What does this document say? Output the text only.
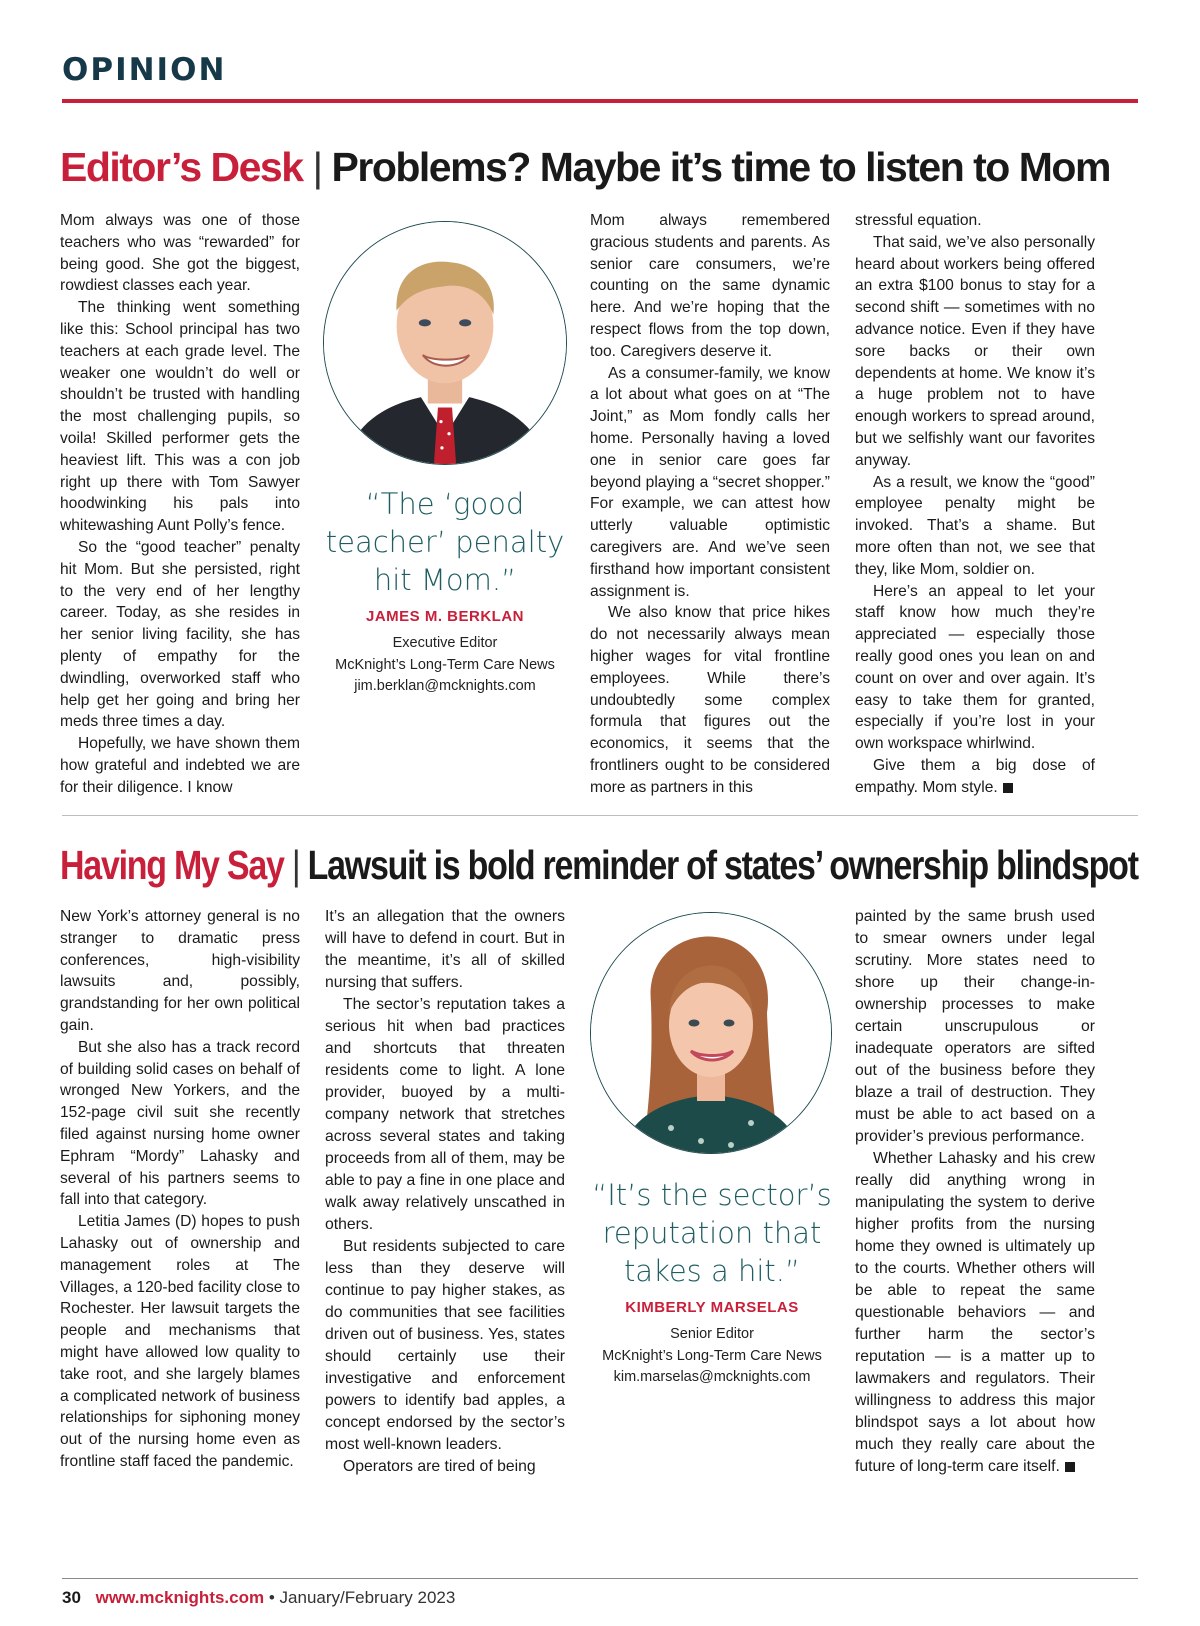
OPINION
Editor’s Desk | Problems? Maybe it’s time to listen to Mom

Mom always was one of those teachers who was “rewarded” for being good. She got the biggest, rowdiest classes each year.

The thinking went something like this: School principal has two teachers at each grade level. The weaker one wouldn’t do well or shouldn’t be trusted with handling the most challenging pupils, so voila! Skilled performer gets the heaviest lift. This was a con job right up there with Tom Sawyer hoodwinking his pals into whitewashing Aunt Polly’s fence.

So the “good teacher” penalty hit Mom. But she persisted, right to the very end of her lengthy career. Today, as she resides in her senior living facility, she has plenty of empathy for the dwindling, overworked staff who help get her going and bring her meds three times a day.

Hopefully, we have shown them how grateful and indebted we are for their diligence. I know

“The ‘good teacher’ penalty hit Mom.”
JAMES M. BERKLAN
Executive Editor
McKnight’s Long-Term Care News
jim.berklan@mcknights.com

Mom always remembered gracious students and parents. As senior care consumers, we’re counting on the same dynamic here. And we’re hoping that the respect flows from the top down, too. Caregivers deserve it.

As a consumer-family, we know a lot about what goes on at “The Joint,” as Mom fondly calls her home. Personally having a loved one in senior care goes far beyond playing a “secret shopper.” For example, we can attest how utterly valuable optimistic caregivers are. And we’ve seen firsthand how important consistent assignment is.

We also know that price hikes do not necessarily always mean higher wages for vital frontline employees. While there’s undoubtedly some complex formula that figures out the economics, it seems that the frontliners ought to be considered more as partners in this

stressful equation.

That said, we’ve also personally heard about workers being offered an extra $100 bonus to stay for a second shift — sometimes with no advance notice. Even if they have sore backs or their own dependents at home. We know it’s a huge problem not to have enough workers to spread around, but we selfishly want our favorites anyway.

As a result, we know the “good” employee penalty might be invoked. That’s a shame. But more often than not, we see that they, like Mom, soldier on.

Here’s an appeal to let your staff know how much they’re appreciated — especially those really good ones you lean on and count on over and over again. It’s easy to take them for granted, especially if you’re lost in your own workspace whirlwind.

Give them a big dose of empathy. Mom style.

Having My Say | Lawsuit is bold reminder of states’ ownership blindspot

New York’s attorney general is no stranger to dramatic press conferences, high-visibility lawsuits and, possibly, grandstanding for her own political gain.

But she also has a track record of building solid cases on behalf of wronged New Yorkers, and the 152-page civil suit she recently filed against nursing home owner Ephram “Mordy” Lahasky and several of his partners seems to fall into that category.

Letitia James (D) hopes to push Lahasky out of ownership and management roles at The Villages, a 120-bed facility close to Rochester. Her lawsuit targets the people and mechanisms that might have allowed low quality to take root, and she largely blames a complicated network of business relationships for siphoning money out of the nursing home even as frontline staff faced the pandemic.

It’s an allegation that the owners will have to defend in court. But in the meantime, it’s all of skilled nursing that suffers.

The sector’s reputation takes a serious hit when bad practices and shortcuts that threaten residents come to light. A lone provider, buoyed by a multi-company network that stretches across several states and taking proceeds from all of them, may be able to pay a fine in one place and walk away relatively unscathed in others.

But residents subjected to care less than they deserve will continue to pay higher stakes, as do communities that see facilities driven out of business. Yes, states should certainly use their investigative and enforcement powers to identify bad apples, a concept endorsed by the sector’s most well-known leaders.

Operators are tired of being

“It’s the sector’s reputation that takes a hit.”
KIMBERLY MARSELAS
Senior Editor
McKnight’s Long-Term Care News
kim.marselas@mcknights.com

painted by the same brush used to smear owners under legal scrutiny. More states need to shore up their change-in-ownership processes to make certain unscrupulous or inadequate operators are sifted out of the business before they blaze a trail of destruction. They must be able to act based on a provider’s previous performance.

Whether Lahasky and his crew really did anything wrong in manipulating the system to derive higher profits from the nursing home they owned is ultimately up to the courts. Whether others will be able to repeat the same questionable behaviors — and further harm the sector’s reputation — is a matter up to lawmakers and regulators. Their willingness to address this major blindspot says a lot about how much they really care about the future of long-term care itself.

30 www.mcknights.com • January/February 2023
